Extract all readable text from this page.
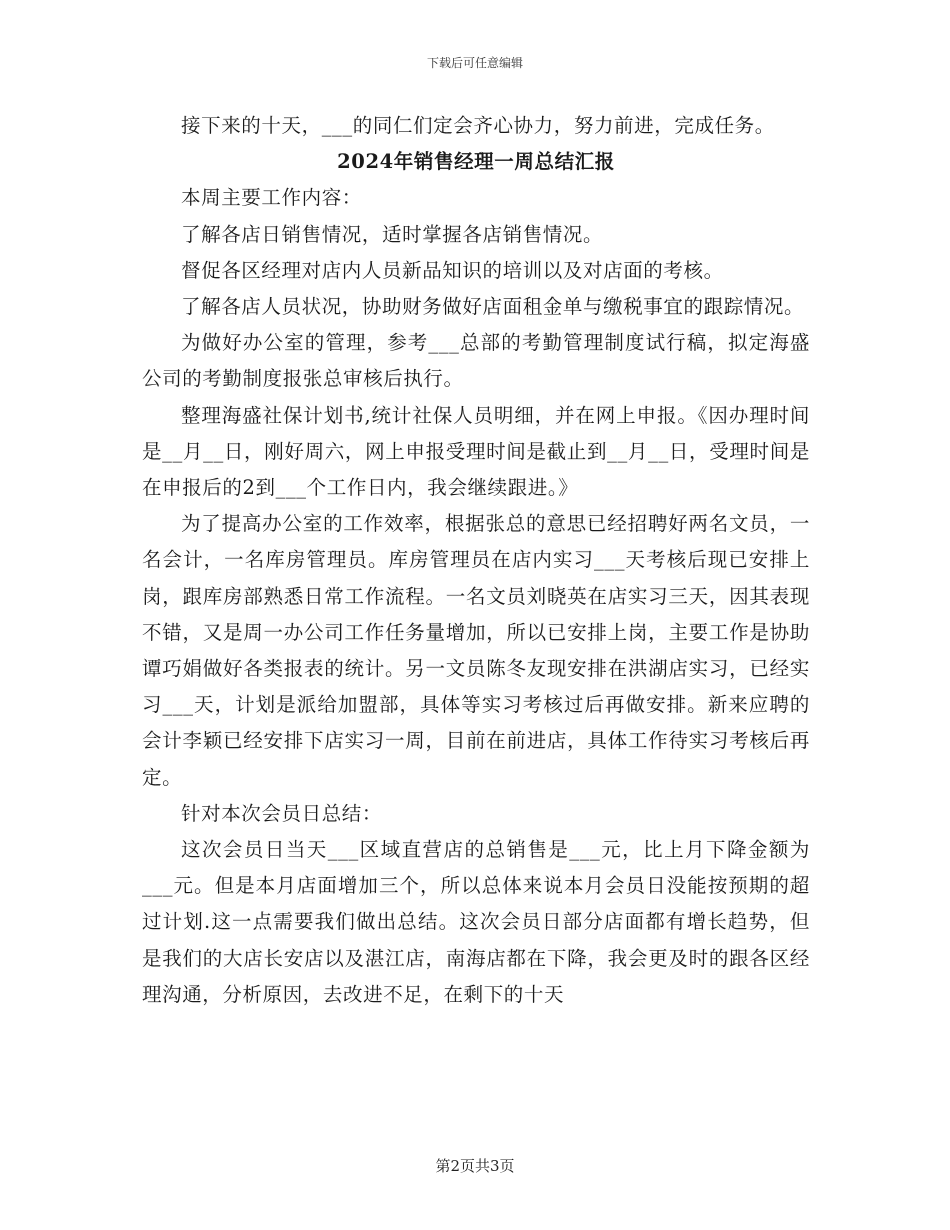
下载后可任意编辑

接下来的十天，___的同仁们定会齐心协力，努力前进，完成任务。

2024年销售经理一周总结汇报

本周主要工作内容：

了解各店日销售情况，适时掌握各店销售情况。

督促各区经理对店内人员新品知识的培训以及对店面的考核。

了解各店人员状况，协助财务做好店面租金单与缴税事宜的跟踪情况。

为做好办公室的管理，参考___总部的考勤管理制度试行稿，拟定海盛公司的考勤制度报张总审核后执行。

整理海盛社保计划书,统计社保人员明细，并在网上申报。《因办理时间是__月__日，刚好周六，网上申报受理时间是截止到__月__日，受理时间是在申报后的2到___个工作日内，我会继续跟进。》

为了提高办公室的工作效率，根据张总的意思已经招聘好两名文员，一名会计，一名库房管理员。库房管理员在店内实习___天考核后现已安排上岗，跟库房部熟悉日常工作流程。一名文员刘晓英在店实习三天，因其表现不错，又是周一办公司工作任务量增加，所以已安排上岗，主要工作是协助谭巧娟做好各类报表的统计。另一文员陈冬友现安排在洪湖店实习，已经实习___天，计划是派给加盟部，具体等实习考核过后再做安排。新来应聘的会计李颖已经安排下店实习一周，目前在前进店，具体工作待实习考核后再定。

针对本次会员日总结：

这次会员日当天___区域直营店的总销售是___元，比上月下降金额为___元。但是本月店面增加三个，所以总体来说本月会员日没能按预期的超过计划.这一点需要我们做出总结。这次会员日部分店面都有增长趋势，但是我们的大店长安店以及湛江店，南海店都在下降，我会更及时的跟各区经理沟通，分析原因，去改进不足，在剩下的十天

第2页共3页
